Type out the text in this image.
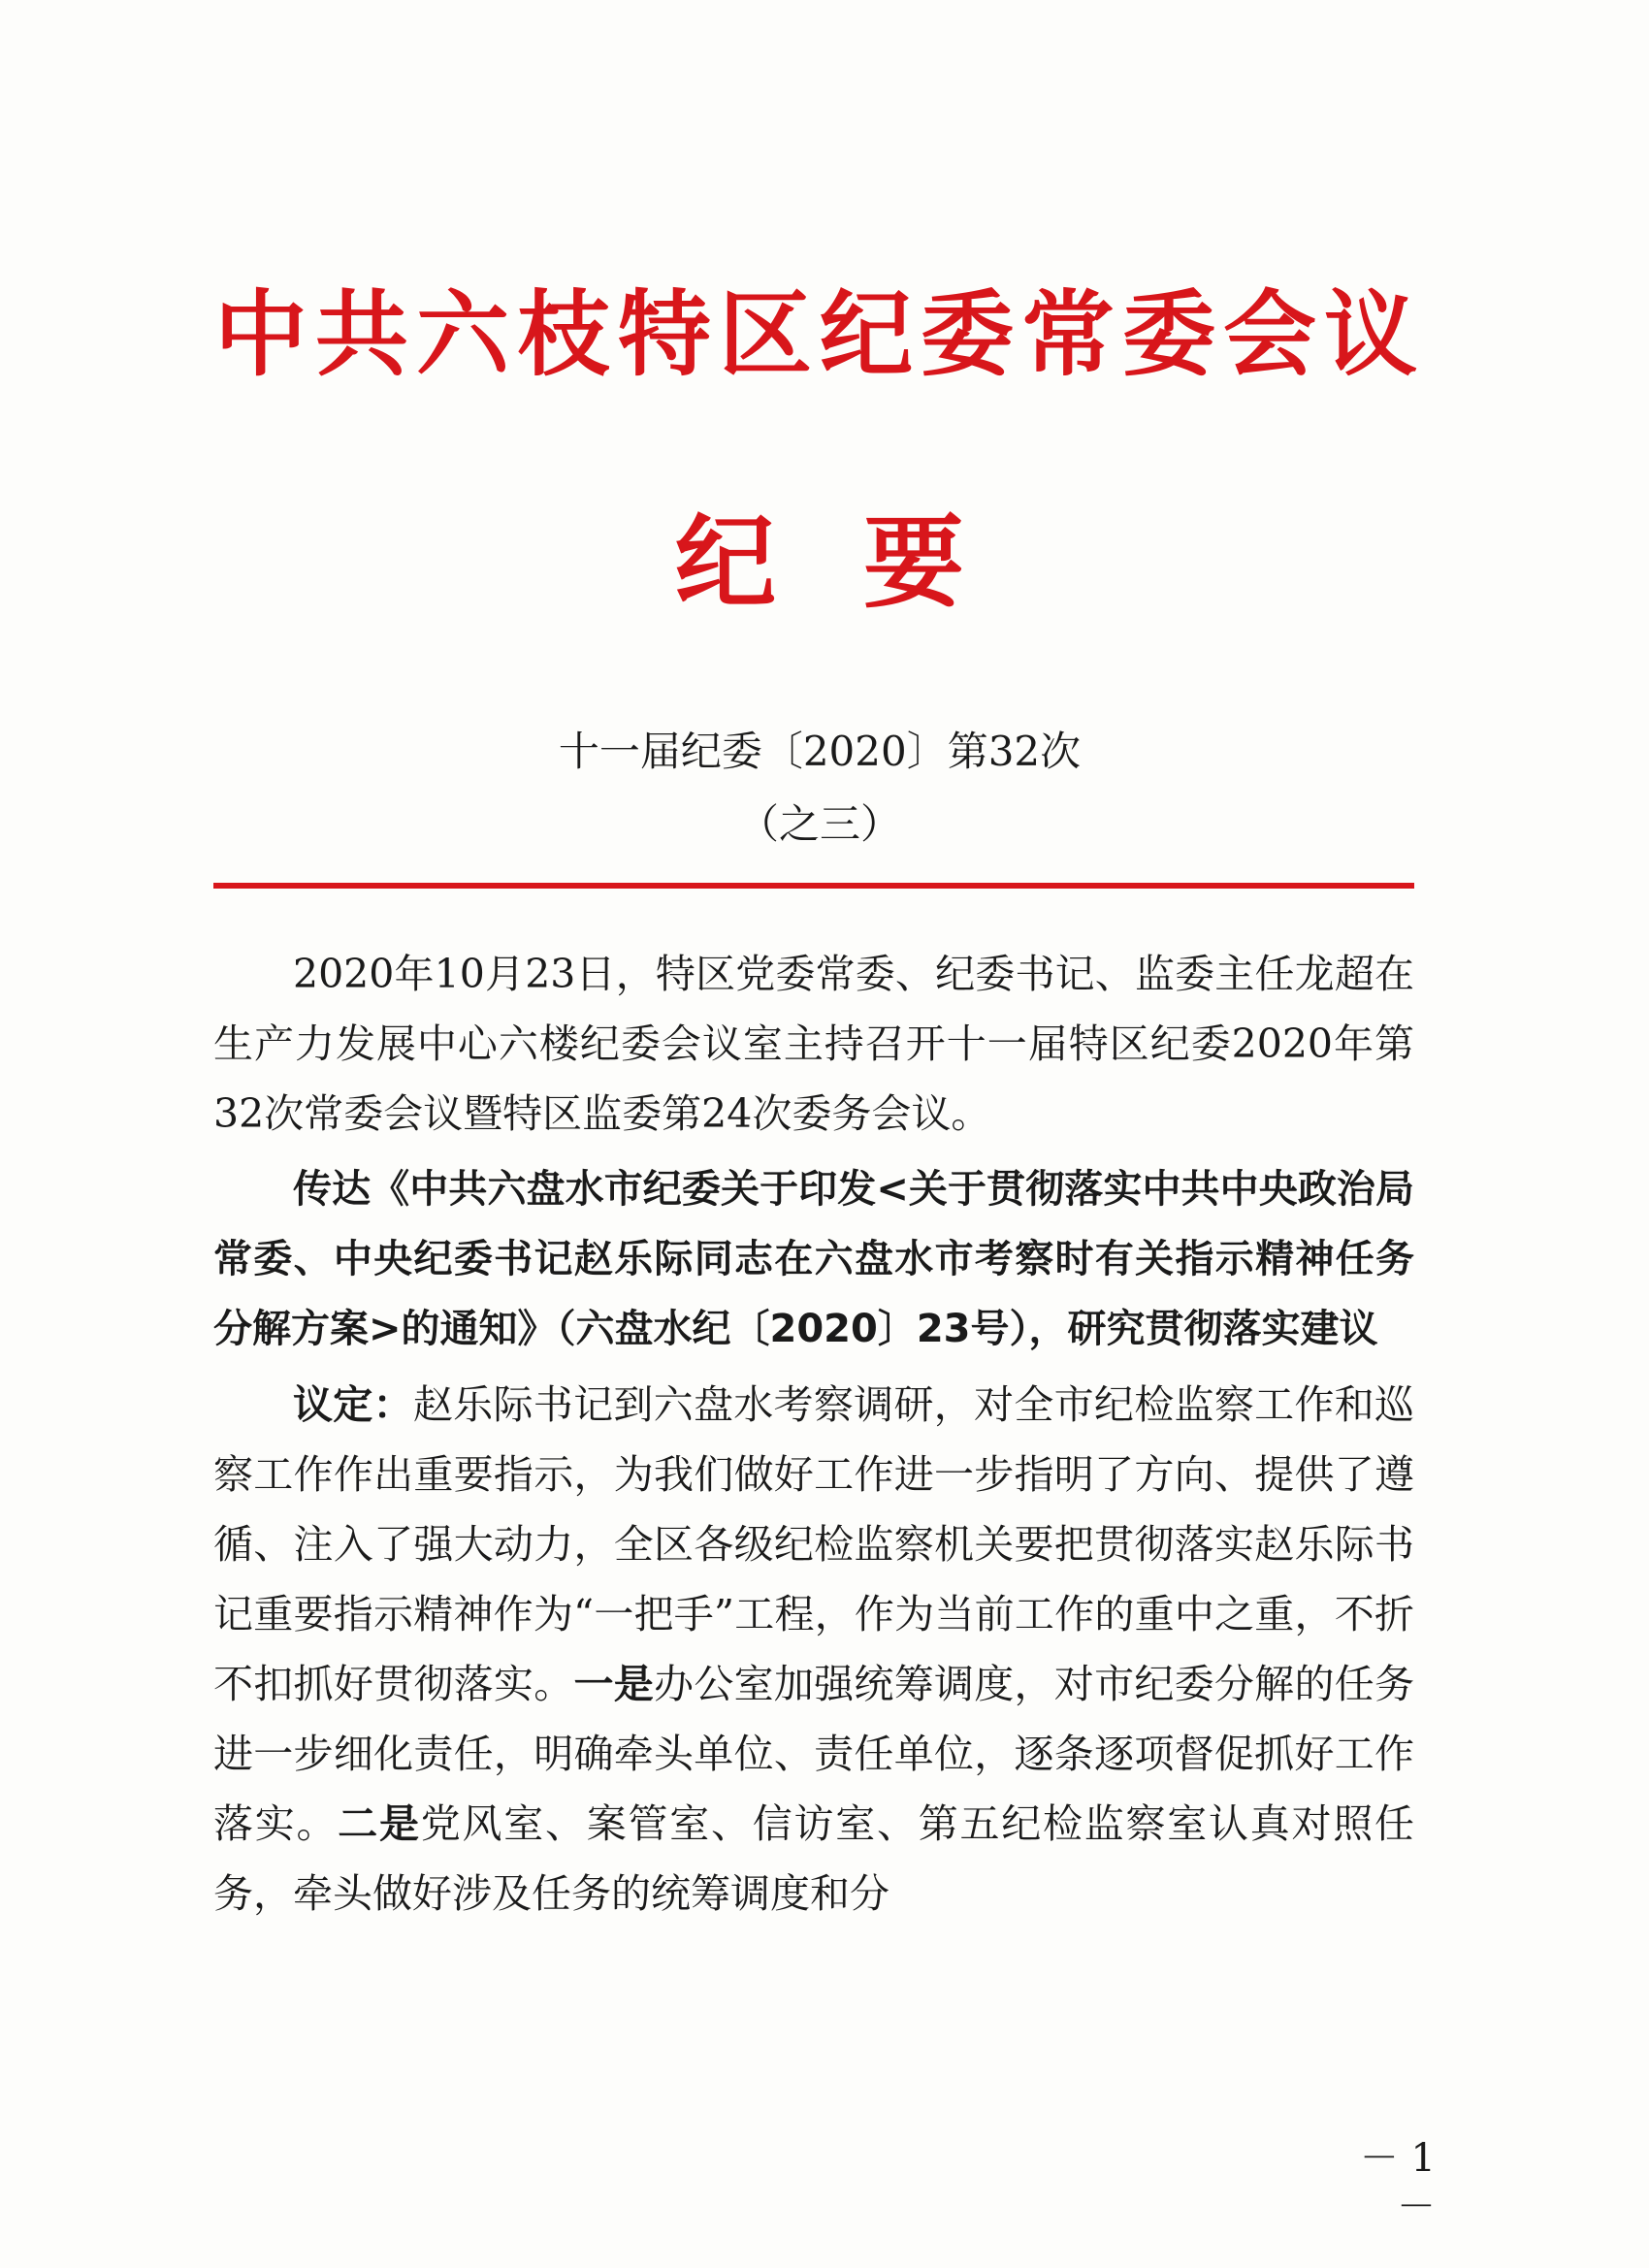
中共六枝特区纪委常委会议
纪要
十一届纪委〔2020〕第32次
（之三）

2020年10月23日，特区党委常委、纪委书记、监委主任龙超在生产力发展中心六楼纪委会议室主持召开十一届特区纪委2020年第32次常委会议暨特区监委第24次委务会议。

传达《中共六盘水市纪委关于印发<关于贯彻落实中共中央政治局常委、中央纪委书记赵乐际同志在六盘水市考察时有关指示精神任务分解方案>的通知》（六盘水纪〔2020〕23号），研究贯彻落实建议

议定：赵乐际书记到六盘水考察调研，对全市纪检监察工作和巡察工作作出重要指示，为我们做好工作进一步指明了方向、提供了遵循、注入了强大动力，全区各级纪检监察机关要把贯彻落实赵乐际书记重要指示精神作为“一把手”工程，作为当前工作的重中之重，不折不扣抓好贯彻落实。一是办公室加强统筹调度，对市纪委分解的任务进一步细化责任，明确牵头单位、责任单位，逐条逐项督促抓好工作落实。二是党风室、案管室、信访室、第五纪检监察室认真对照任务，牵头做好涉及任务的统筹调度和分

－ 1 －
